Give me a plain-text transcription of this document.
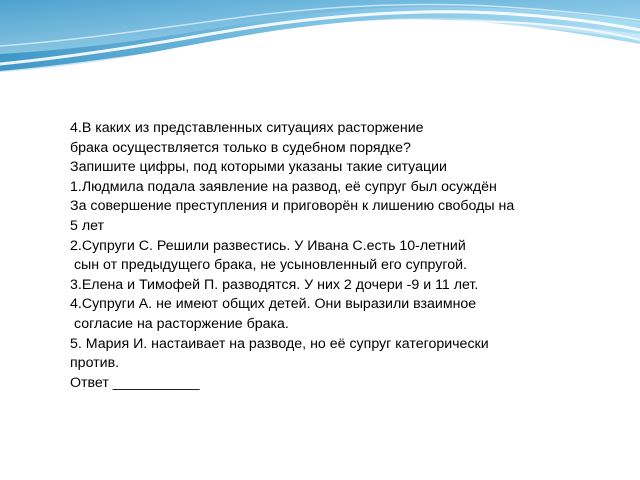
4.В каких из представленных ситуациях расторжение
брака осуществляется только в судебном порядке?
Запишите цифры, под которыми указаны такие ситуации
1.Людмила подала заявление на развод, её супруг был осуждён
За совершение преступления и приговорён к лишению свободы на
5 лет
2.Супруги С. Решили развестись. У Ивана С.есть 10-летний
сын от предыдущего брака, не усыновленный его супругой.
3.Елена и Тимофей П. разводятся. У них 2 дочери -9 и 11 лет.
4.Супруги А. не имеют общих детей. Они выразили взаимное
согласие на расторжение брака.
5. Мария И. настаивает на разводе, но её супруг категорически
против.
Ответ ___________
